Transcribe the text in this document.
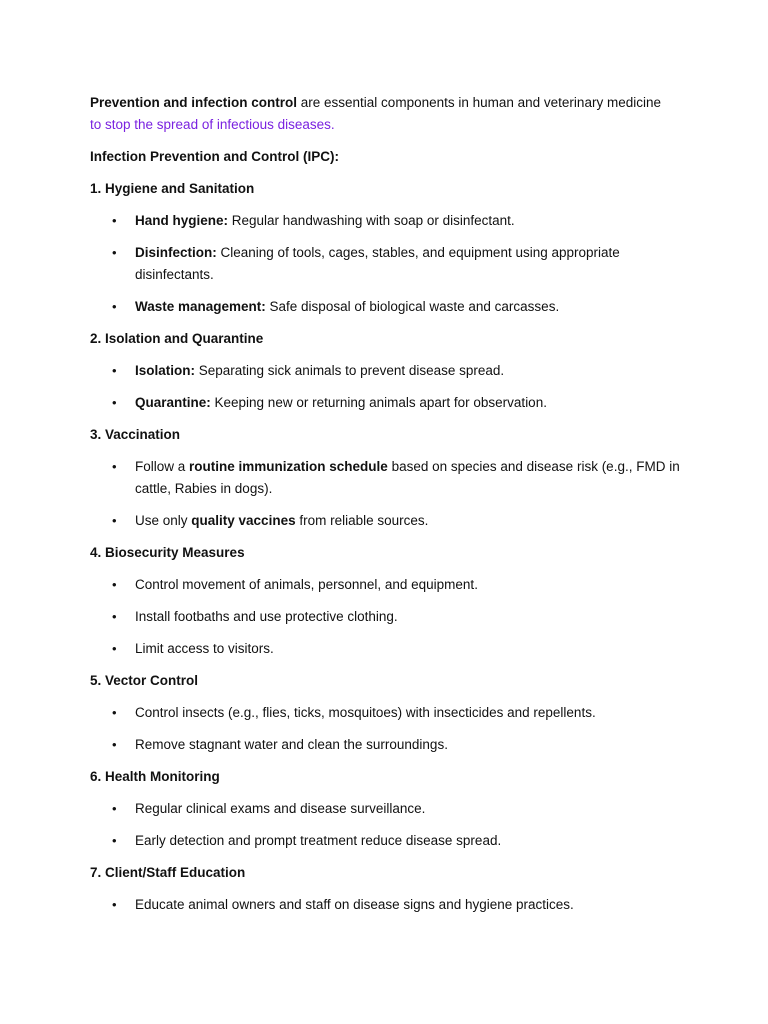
Prevention and infection control are essential components in human and veterinary medicine
to stop the spread of infectious diseases.

Infection Prevention and Control (IPC):
1. Hygiene and Sanitation
• Hand hygiene: Regular handwashing with soap or disinfectant.
• Disinfection: Cleaning of tools, cages, stables, and equipment using appropriate disinfectants.
• Waste management: Safe disposal of biological waste and carcasses.
2. Isolation and Quarantine
• Isolation: Separating sick animals to prevent disease spread.
• Quarantine: Keeping new or returning animals apart for observation.
3. Vaccination
• Follow a routine immunization schedule based on species and disease risk (e.g., FMD in cattle, Rabies in dogs).
• Use only quality vaccines from reliable sources.
4. Biosecurity Measures
• Control movement of animals, personnel, and equipment.
• Install footbaths and use protective clothing.
• Limit access to visitors.
5. Vector Control
• Control insects (e.g., flies, ticks, mosquitoes) with insecticides and repellents.
• Remove stagnant water and clean the surroundings.
6. Health Monitoring
• Regular clinical exams and disease surveillance.
• Early detection and prompt treatment reduce disease spread.
7. Client/Staff Education
• Educate animal owners and staff on disease signs and hygiene practices.
